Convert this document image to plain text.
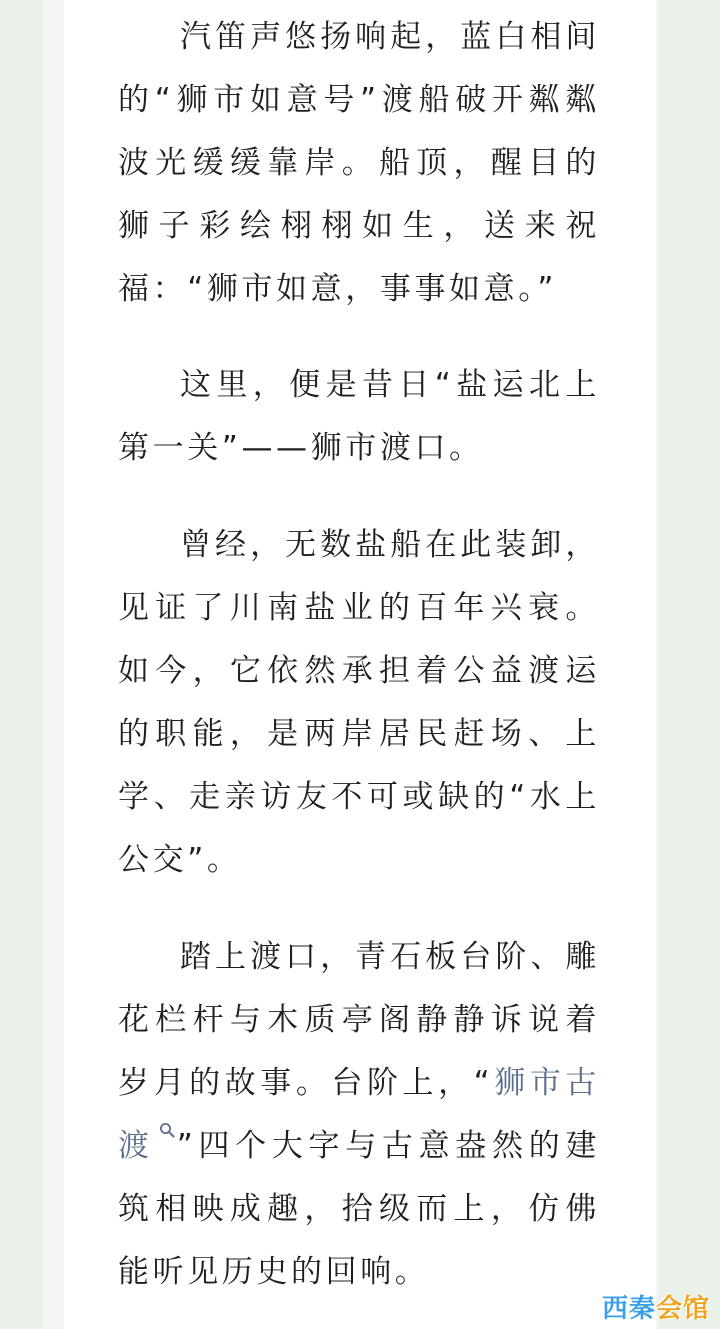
汽笛声悠扬响起，蓝白相间的“狮市如意号”渡船破开粼粼波光缓缓靠岸。船顶，醒目的狮子彩绘栩栩如生，送来祝福：“狮市如意，事事如意。”

这里，便是昔日“盐运北上第一关”——狮市渡口。

曾经，无数盐船在此装卸，见证了川南盐业的百年兴衰。如今，它依然承担着公益渡运的职能，是两岸居民赶场、上学、走亲访友不可或缺的“水上公交”。

踏上渡口，青石板台阶、雕花栏杆与木质亭阁静静诉说着岁月的故事。台阶上，“狮市古渡 ”四个大字与古意盎然的建筑相映成趣，拾级而上，仿佛能听见历史的回响。

西秦会馆
